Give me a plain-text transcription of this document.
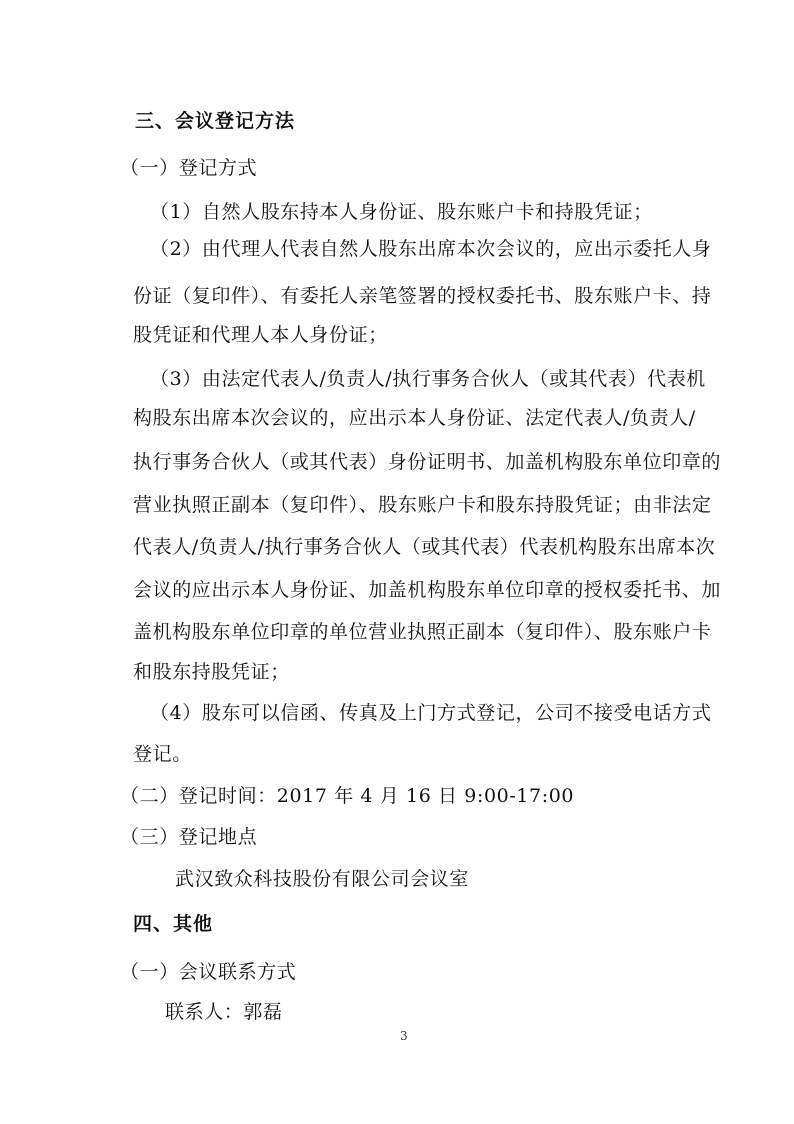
三、会议登记方法
（一）登记方式
（1）自然人股东持本人身份证、股东账户卡和持股凭证；
（2）由代理人代表自然人股东出席本次会议的，应出示委托人身
份证（复印件）、有委托人亲笔签署的授权委托书、股东账户卡、持
股凭证和代理人本人身份证；
（3）由法定代表人/负责人/执行事务合伙人（或其代表）代表机
构股东出席本次会议的，应出示本人身份证、法定代表人/负责人/
执行事务合伙人（或其代表）身份证明书、加盖机构股东单位印章的
营业执照正副本（复印件）、股东账户卡和股东持股凭证；由非法定
代表人/负责人/执行事务合伙人（或其代表）代表机构股东出席本次
会议的应出示本人身份证、加盖机构股东单位印章的授权委托书、加
盖机构股东单位印章的单位营业执照正副本（复印件）、股东账户卡
和股东持股凭证；
（4）股东可以信函、传真及上门方式登记，公司不接受电话方式
登记。
（二）登记时间：2017 年 4 月 16 日 9:00-17:00
（三）登记地点
武汉致众科技股份有限公司会议室
四、其他
（一）会议联系方式
联系人：郭磊
3
